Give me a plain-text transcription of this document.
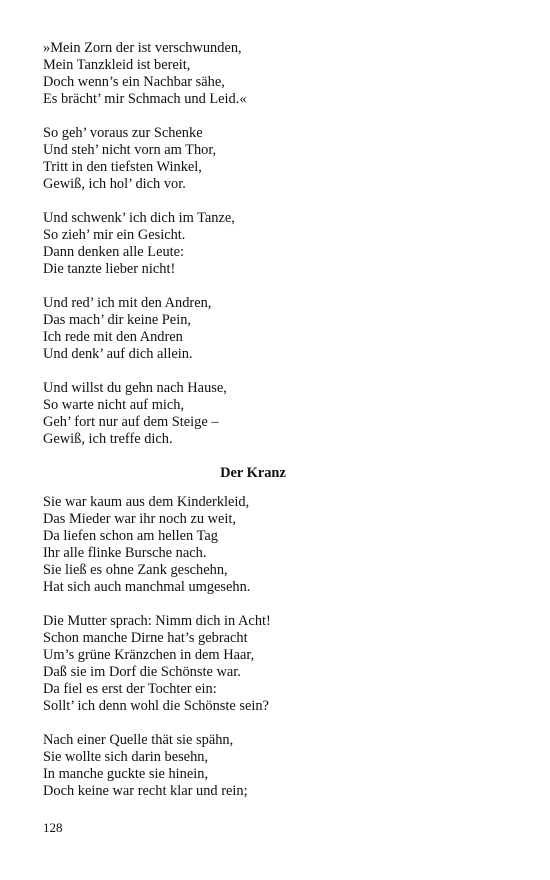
»Mein Zorn der ist verschwunden,
Mein Tanzkleid ist bereit,
Doch wenn’s ein Nachbar sähe,
Es brächt’ mir Schmach und Leid.«
So geh’ voraus zur Schenke
Und steh’ nicht vorn am Thor,
Tritt in den tiefsten Winkel,
Gewiß, ich hol’ dich vor.
Und schwenk’ ich dich im Tanze,
So zieh’ mir ein Gesicht.
Dann denken alle Leute:
Die tanzte lieber nicht!
Und red’ ich mit den Andren,
Das mach’ dir keine Pein,
Ich rede mit den Andren
Und denk’ auf dich allein.
Und willst du gehn nach Hause,
So warte nicht auf mich,
Geh’ fort nur auf dem Steige –
Gewiß, ich treffe dich.
Der Kranz
Sie war kaum aus dem Kinderkleid,
Das Mieder war ihr noch zu weit,
Da liefen schon am hellen Tag
Ihr alle flinke Bursche nach.
Sie ließ es ohne Zank geschehn,
Hat sich auch manchmal umgesehn.
Die Mutter sprach: Nimm dich in Acht!
Schon manche Dirne hat’s gebracht
Um’s grüne Kränzchen in dem Haar,
Daß sie im Dorf die Schönste war.
Da fiel es erst der Tochter ein:
Sollt’ ich denn wohl die Schönste sein?
Nach einer Quelle thät sie spähn,
Sie wollte sich darin besehn,
In manche guckte sie hinein,
Doch keine war recht klar und rein;
128
